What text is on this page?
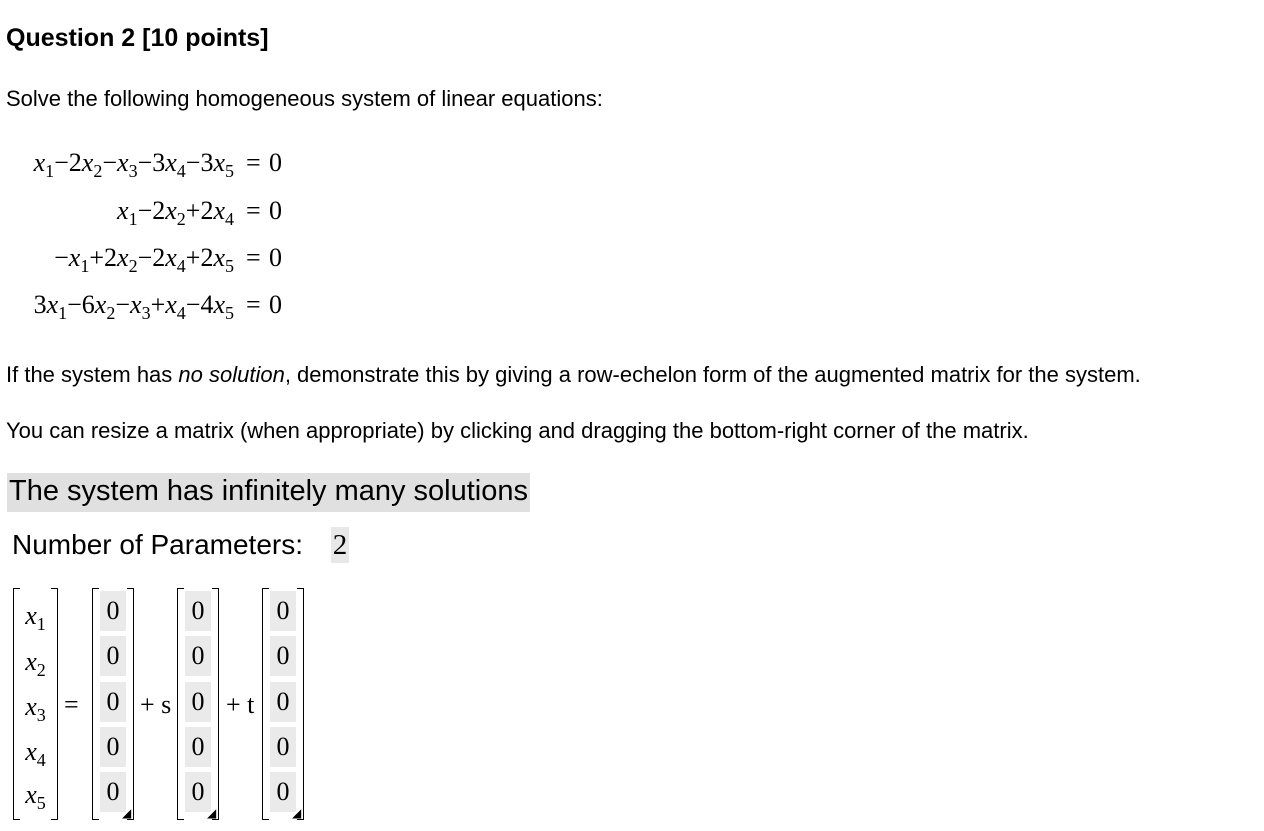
Question 2 [10 points]
Solve the following homogeneous system of linear equations:
$x_1-2x_2-x_3-3x_4-3x_5 = 0$
$x_1-2x_2+2x_4 = 0$
$-x_1+2x_2-2x_4+2x_5 = 0$
$3x_1-6x_2-x_3+x_4-4x_5 = 0$
If the system has no solution, demonstrate this by giving a row-echelon form of the augmented matrix for the system.
You can resize a matrix (when appropriate) by clicking and dragging the bottom-right corner of the matrix.
The system has infinitely many solutions
Number of Parameters: 2
$x_1$
$x_2$
$x_3$
$x_4$
$x_5$
=
0
0
0
0
0
◢
+ s
0
0
0
0
0
◢
+ t
0
0
0
0
0
◢
